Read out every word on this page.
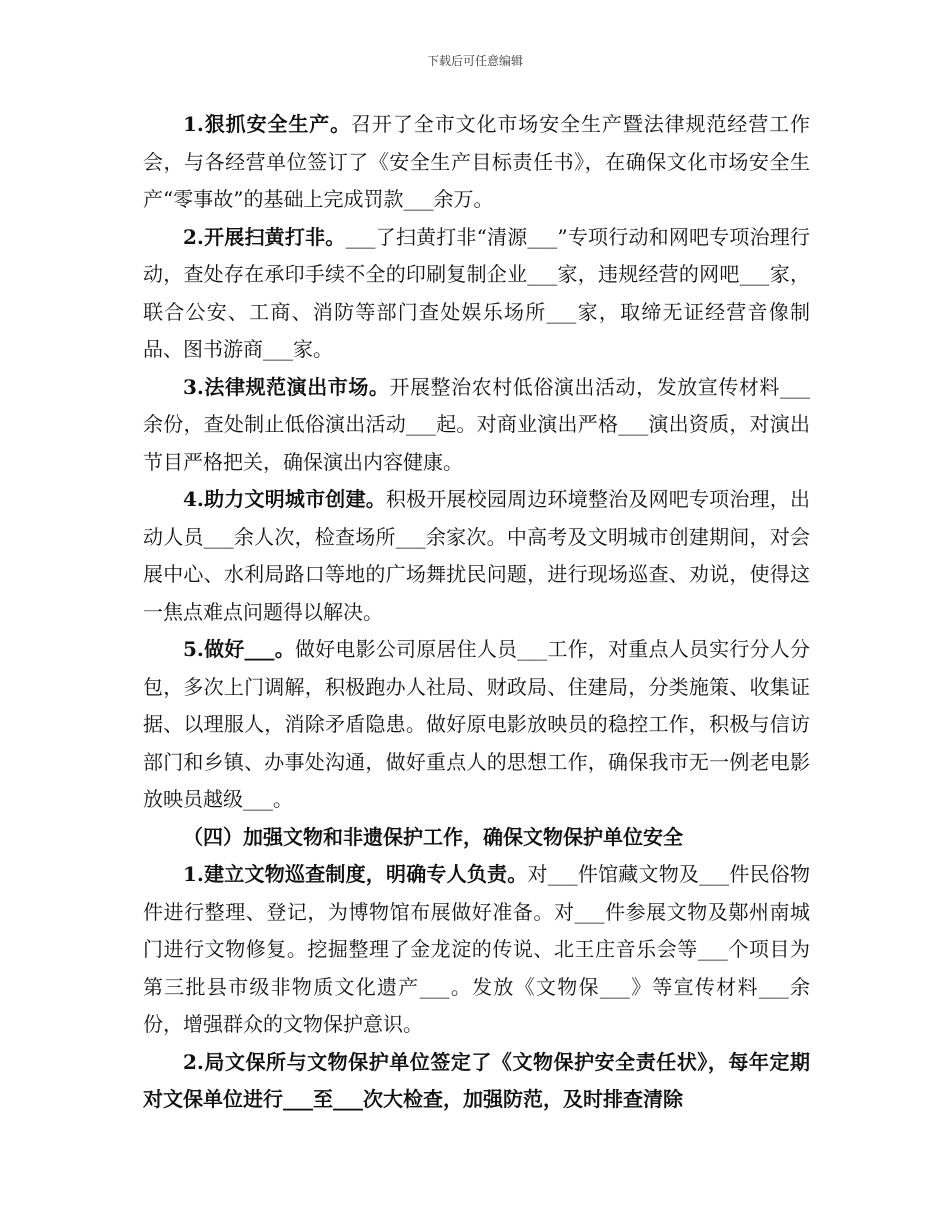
下载后可任意编辑

1.狠抓安全生产。召开了全市文化市场安全生产暨法律规范经营工作会，与各经营单位签订了《安全生产目标责任书》，在确保文化市场安全生产“零事故”的基础上完成罚款___余万。

2.开展扫黄打非。___了扫黄打非“清源___”专项行动和网吧专项治理行动，查处存在承印手续不全的印刷复制企业___家，违规经营的网吧___家，联合公安、工商、消防等部门查处娱乐场所___家，取缔无证经营音像制品、图书游商___家。

3.法律规范演出市场。开展整治农村低俗演出活动，发放宣传材料___余份，查处制止低俗演出活动___起。对商业演出严格___演出资质，对演出节目严格把关，确保演出内容健康。

4.助力文明城市创建。积极开展校园周边环境整治及网吧专项治理，出动人员___余人次，检查场所___余家次。中高考及文明城市创建期间，对会展中心、水利局路口等地的广场舞扰民问题，进行现场巡查、劝说，使得这一焦点难点问题得以解决。

5.做好___。做好电影公司原居住人员___工作，对重点人员实行分人分包，多次上门调解，积极跑办人社局、财政局、住建局，分类施策、收集证据、以理服人，消除矛盾隐患。做好原电影放映员的稳控工作，积极与信访部门和乡镇、办事处沟通，做好重点人的思想工作，确保我市无一例老电影放映员越级___。

（四）加强文物和非遗保护工作，确保文物保护单位安全

1.建立文物巡查制度，明确专人负责。对___件馆藏文物及___件民俗物件进行整理、登记，为博物馆布展做好准备。对___件参展文物及鄚州南城门进行文物修复。挖掘整理了金龙淀的传说、北王庄音乐会等___个项目为第三批县市级非物质文化遗产___。发放《文物保___》等宣传材料___余份，增强群众的文物保护意识。

2.局文保所与文物保护单位签定了《文物保护安全责任状》，每年定期对文保单位进行___至___次大检查，加强防范，及时排查清除
